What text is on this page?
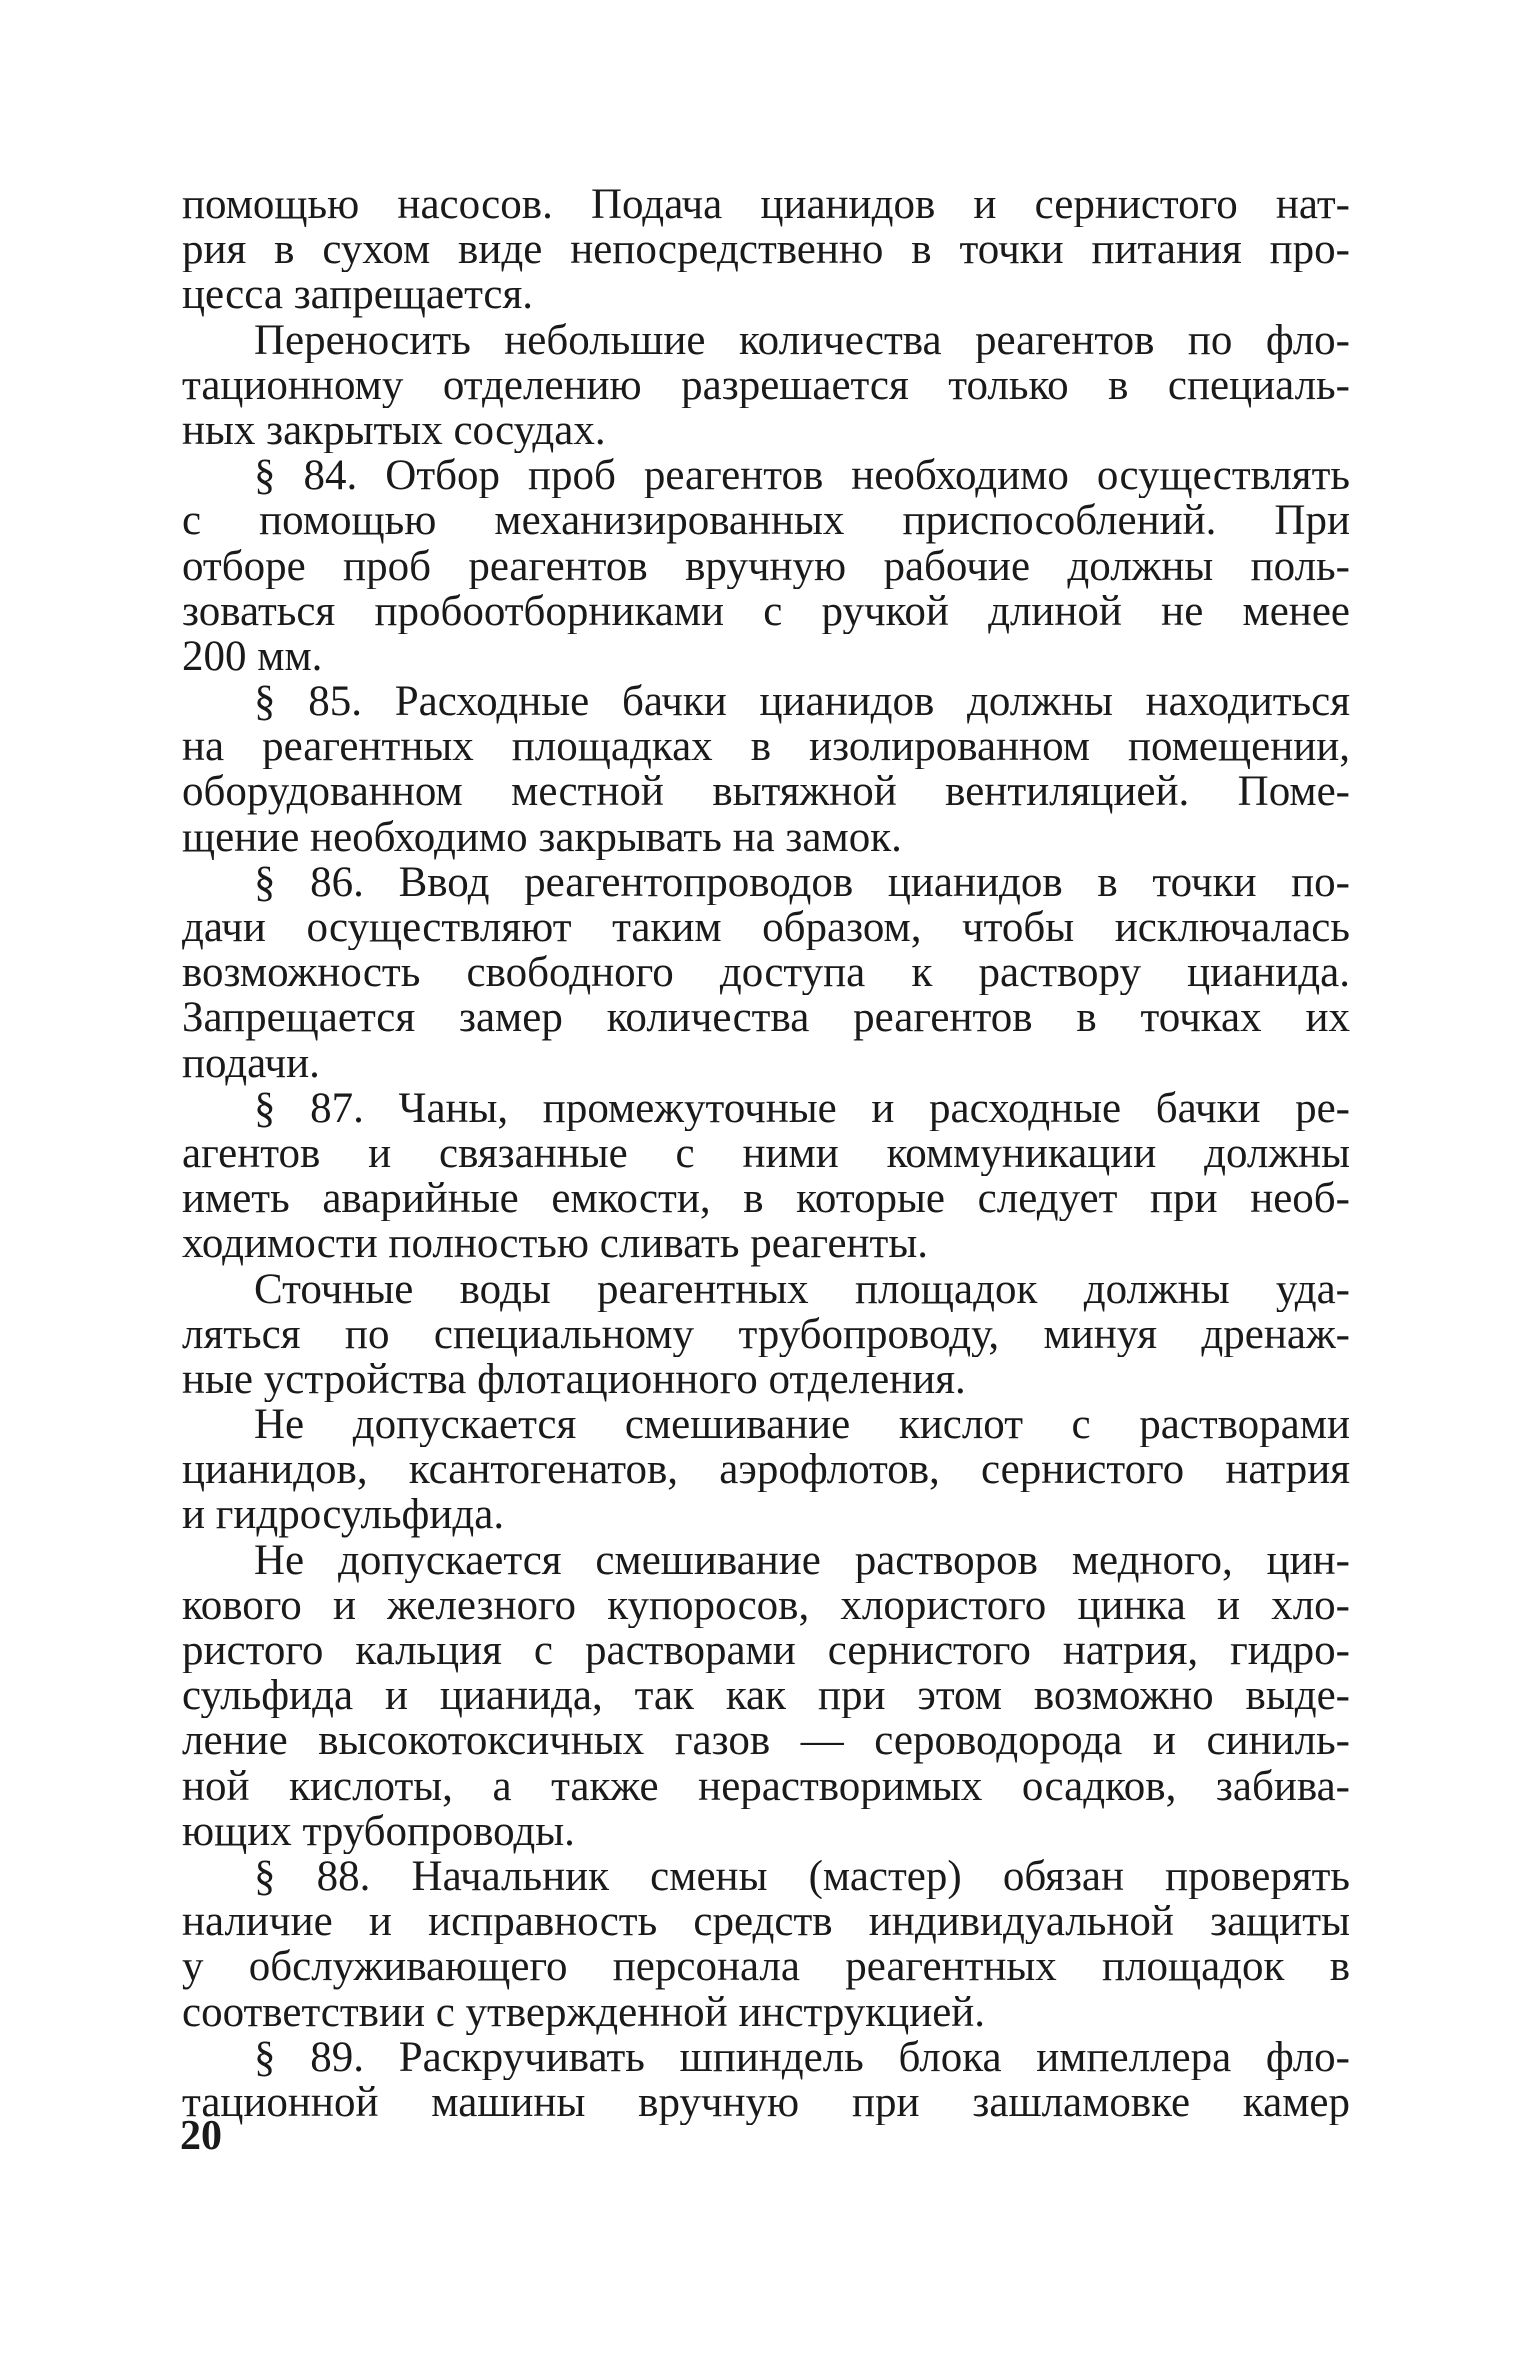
помощью насосов. Подача цианидов и сернистого нат-
рия в сухом виде непосредственно в точки питания про-
цесса запрещается.
Переносить небольшие количества реагентов по фло-
тационному отделению разрешается только в специаль-
ных закрытых сосудах.
§ 84. Отбор проб реагентов необходимо осуществлять
с помощью механизированных приспособлений. При
отборе проб реагентов вручную рабочие должны поль-
зоваться пробоотборниками с ручкой длиной не менее
200 мм.
§ 85. Расходные бачки цианидов должны находиться
на реагентных площадках в изолированном помещении,
оборудованном местной вытяжной вентиляцией. Поме-
щение необходимо закрывать на замок.
§ 86. Ввод реагентопроводов цианидов в точки по-
дачи осуществляют таким образом, чтобы исключалась
возможность свободного доступа к раствору цианида.
Запрещается замер количества реагентов в точках их
подачи.
§ 87. Чаны, промежуточные и расходные бачки ре-
агентов и связанные с ними коммуникации должны
иметь аварийные емкости, в которые следует при необ-
ходимости полностью сливать реагенты.
Сточные воды реагентных площадок должны уда-
ляться по специальному трубопроводу, минуя дренаж-
ные устройства флотационного отделения.
Не допускается смешивание кислот с растворами
цианидов, ксантогенатов, аэрофлотов, сернистого натрия
и гидросульфида.
Не допускается смешивание растворов медного, цин-
кового и железного купоросов, хлористого цинка и хло-
ристого кальция с растворами сернистого натрия, гидро-
сульфида и цианида, так как при этом возможно выде-
ление высокотоксичных газов — сероводорода и синиль-
ной кислоты, а также нерастворимых осадков, забива-
ющих трубопроводы.
§ 88. Начальник смены (мастер) обязан проверять
наличие и исправность средств индивидуальной защиты
у обслуживающего персонала реагентных площадок в
соответствии с утвержденной инструкцией.
§ 89. Раскручивать шпиндель блока импеллера фло-
тационной машины вручную при зашламовке камер
20
